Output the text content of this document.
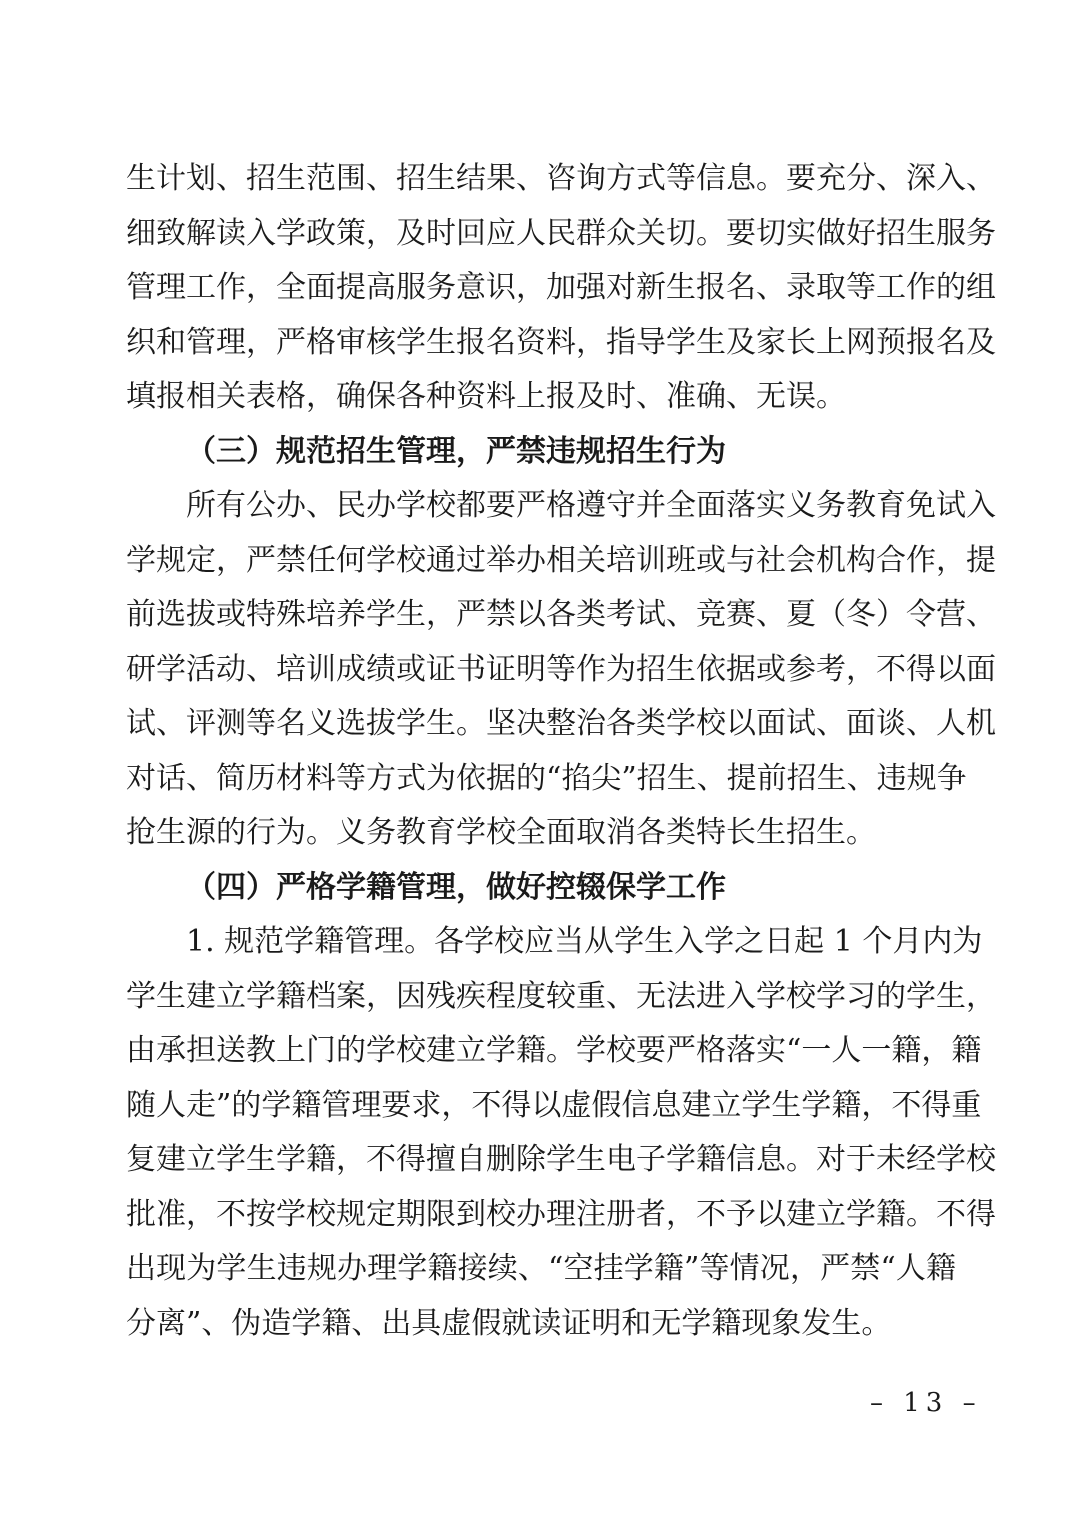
生计划、招生范围、招生结果、咨询方式等信息。要充分、深入、
细致解读入学政策，及时回应人民群众关切。要切实做好招生服务
管理工作，全面提高服务意识，加强对新生报名、录取等工作的组
织和管理，严格审核学生报名资料，指导学生及家长上网预报名及
填报相关表格，确保各种资料上报及时、准确、无误。
（三）规范招生管理，严禁违规招生行为
所有公办、民办学校都要严格遵守并全面落实义务教育免试入
学规定，严禁任何学校通过举办相关培训班或与社会机构合作，提
前选拔或特殊培养学生，严禁以各类考试、竞赛、夏（冬）令营、
研学活动、培训成绩或证书证明等作为招生依据或参考，不得以面
试、评测等名义选拔学生。坚决整治各类学校以面试、面谈、人机
对话、简历材料等方式为依据的“掐尖”招生、提前招生、违规争
抢生源的行为。义务教育学校全面取消各类特长生招生。
（四）严格学籍管理，做好控辍保学工作
1. 规范学籍管理。各学校应当从学生入学之日起 1 个月内为
学生建立学籍档案，因残疾程度较重、无法进入学校学习的学生，
由承担送教上门的学校建立学籍。学校要严格落实“一人一籍，籍
随人走”的学籍管理要求，不得以虚假信息建立学生学籍，不得重
复建立学生学籍，不得擅自删除学生电子学籍信息。对于未经学校
批准，不按学校规定期限到校办理注册者，不予以建立学籍。不得
出现为学生违规办理学籍接续、“空挂学籍”等情况，严禁“人籍
分离”、伪造学籍、出具虚假就读证明和无学籍现象发生。
– 13 –
